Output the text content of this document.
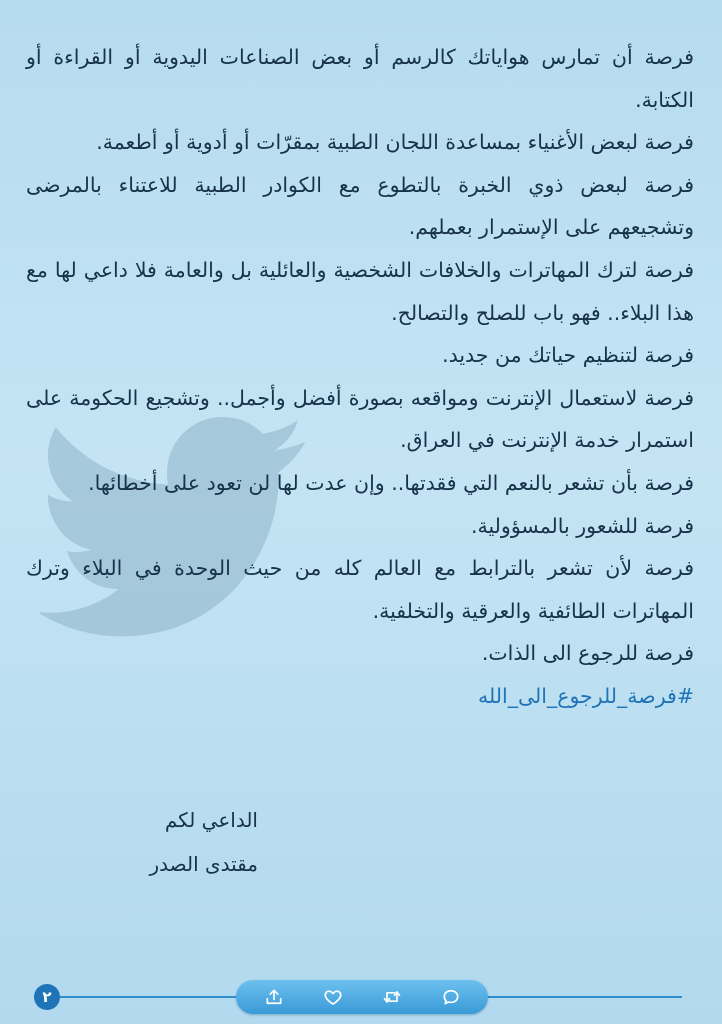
فرصة أن تمارس هواياتك كالرسم أو بعض الصناعات اليدوية أو القراءة أو الكتابة.

فرصة لبعض الأغنياء بمساعدة اللجان الطبية بمقرّات أو أدوية أو أطعمة.

فرصة لبعض ذوي الخبرة بالتطوع مع الكوادر الطبية للاعتناء بالمرضى وتشجيعهم على الإستمرار بعملهم.

فرصة لترك المهاترات والخلافات الشخصية والعائلية بل والعامة فلا داعي لها مع هذا البلاء.. فهو باب للصلح والتصالح.

فرصة لتنظيم حياتك من جديد.

فرصة لاستعمال الإنترنت ومواقعه بصورة أفضل وأجمل.. وتشجيع الحكومة على استمرار خدمة الإنترنت في العراق.

فرصة بأن تشعر بالنعم التي فقدتها.. وإن عدت لها لن تعود على أخطائها.

فرصة للشعور بالمسؤولية.

فرصة لأن تشعر بالترابط مع العالم كله من حيث الوحدة في البلاء وترك المهاترات الطائفية والعرقية والتخلفية.

فرصة للرجوع الى الذات.

#فرصة_للرجوع_الى_الله

الداعي لكم
مقتدى الصدر
٢
